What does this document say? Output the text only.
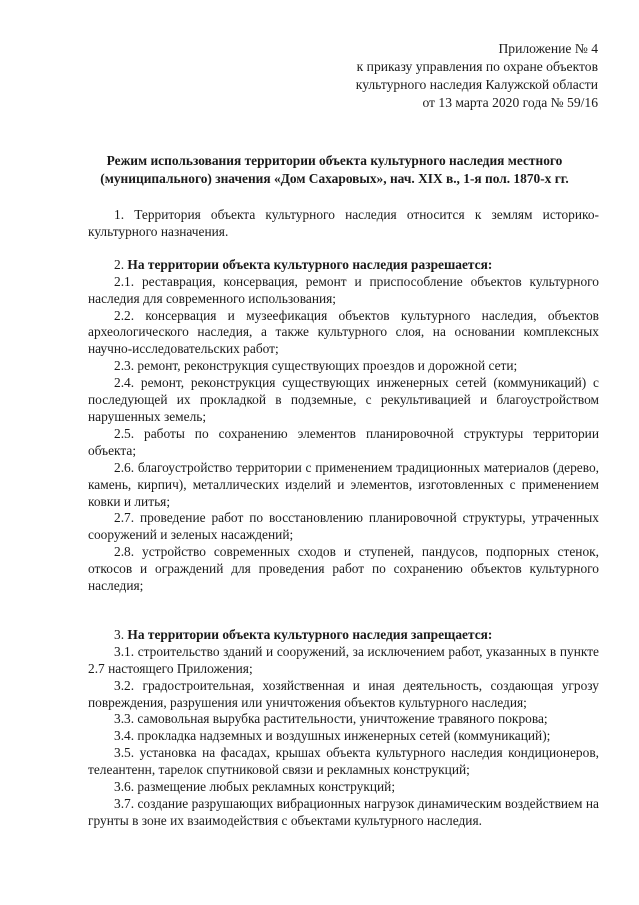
Приложение № 4
к приказу управления по охране объектов
культурного наследия Калужской области
от 13 марта 2020 года № 59/16
Режим использования территории объекта культурного наследия местного
(муниципального) значения «Дом Сахаровых», нач. XIX в., 1-я пол. 1870-х гг.

1. Территория объекта культурного наследия относится к землям историко-культурного назначения.

2. На территории объекта культурного наследия разрешается:

2.1. реставрация, консервация, ремонт и приспособление объектов культурного наследия для современного использования;

2.2. консервация и музеефикация объектов культурного наследия, объектов археологического наследия, а также культурного слоя, на основании комплексных научно-исследовательских работ;

2.3. ремонт, реконструкция существующих проездов и дорожной сети;

2.4. ремонт, реконструкция существующих инженерных сетей (коммуникаций) с последующей их прокладкой в подземные, с рекультивацией и благоустройством нарушенных земель;

2.5. работы по сохранению элементов планировочной структуры территории объекта;

2.6. благоустройство территории с применением традиционных материалов (дерево, камень, кирпич), металлических изделий и элементов, изготовленных с применением ковки и литья;

2.7. проведение работ по восстановлению планировочной структуры, утраченных сооружений и зеленых насаждений;

2.8. устройство современных сходов и ступеней, пандусов, подпорных стенок, откосов и ограждений для проведения работ по сохранению объектов культурного наследия;

3. На территории объекта культурного наследия запрещается:

3.1. строительство зданий и сооружений, за исключением работ, указанных в пункте 2.7 настоящего Приложения;

3.2. градостроительная, хозяйственная и иная деятельность, создающая угрозу повреждения, разрушения или уничтожения объектов культурного наследия;

3.3. самовольная вырубка растительности, уничтожение травяного покрова;

3.4. прокладка надземных и воздушных инженерных сетей (коммуникаций);

3.5. установка на фасадах, крышах объекта культурного наследия кондиционеров, телеантенн, тарелок спутниковой связи и рекламных конструкций;

3.6. размещение любых рекламных конструкций;

3.7. создание разрушающих вибрационных нагрузок динамическим воздействием на грунты в зоне их взаимодействия с объектами культурного наследия.
